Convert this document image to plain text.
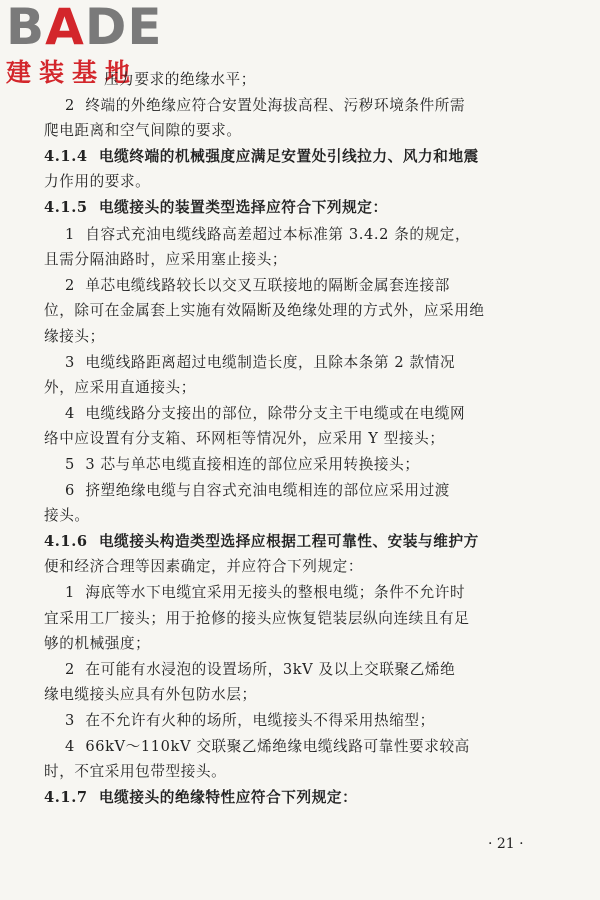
BADE
建装基地
压力要求的绝缘水平；
2  终端的外绝缘应符合安置处海拔高程、污秽环境条件所需
爬电距离和空气间隙的要求。
4.1.4  电缆终端的机械强度应满足安置处引线拉力、风力和地震
力作用的要求。
4.1.5  电缆接头的装置类型选择应符合下列规定：
1  自容式充油电缆线路高差超过本标准第 3.4.2 条的规定，
且需分隔油路时，应采用塞止接头；
2  单芯电缆线路较长以交叉互联接地的隔断金属套连接部
位，除可在金属套上实施有效隔断及绝缘处理的方式外，应采用绝
缘接头；
3  电缆线路距离超过电缆制造长度，且除本条第 2 款情况
外，应采用直通接头；
4  电缆线路分支接出的部位，除带分支主干电缆或在电缆网
络中应设置有分支箱、环网柜等情况外，应采用 Y 型接头；
5  3 芯与单芯电缆直接相连的部位应采用转换接头；
6  挤塑绝缘电缆与自容式充油电缆相连的部位应采用过渡
接头。
4.1.6  电缆接头构造类型选择应根据工程可靠性、安装与维护方
便和经济合理等因素确定，并应符合下列规定：
1  海底等水下电缆宜采用无接头的整根电缆；条件不允许时
宜采用工厂接头；用于抢修的接头应恢复铠装层纵向连续且有足
够的机械强度；
2  在可能有水浸泡的设置场所，3kV 及以上交联聚乙烯绝
缘电缆接头应具有外包防水层；
3  在不允许有火种的场所，电缆接头不得采用热缩型；
4  66kV～110kV 交联聚乙烯绝缘电缆线路可靠性要求较高
时，不宜采用包带型接头。
4.1.7  电缆接头的绝缘特性应符合下列规定：
· 21 ·
